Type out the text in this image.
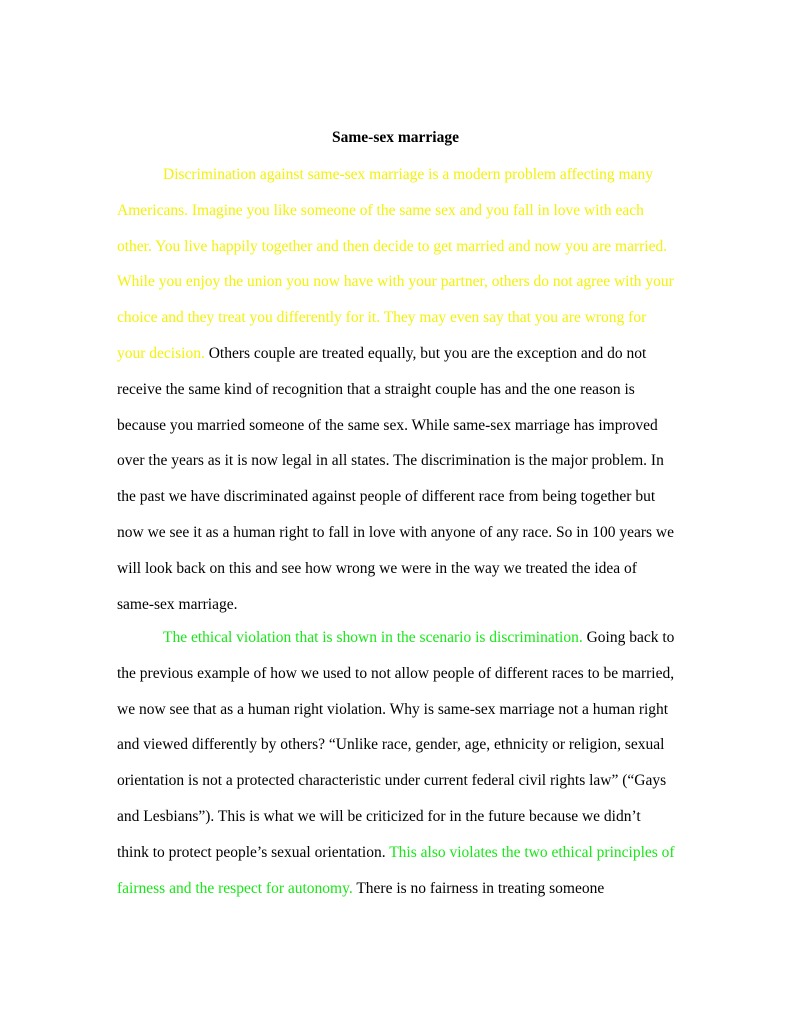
Same-sex marriage

Discrimination against same-sex marriage is a modern problem affecting many Americans. Imagine you like someone of the same sex and you fall in love with each other. You live happily together and then decide to get married and now you are married. While you enjoy the union you now have with your partner, others do not agree with your choice and they treat you differently for it. They may even say that you are wrong for your decision. Others couple are treated equally, but you are the exception and do not receive the same kind of recognition that a straight couple has and the one reason is because you married someone of the same sex. While same-sex marriage has improved over the years as it is now legal in all states. The discrimination is the major problem. In the past we have discriminated against people of different race from being together but now we see it as a human right to fall in love with anyone of any race. So in 100 years we will look back on this and see how wrong we were in the way we treated the idea of same-sex marriage.

The ethical violation that is shown in the scenario is discrimination. Going back to the previous example of how we used to not allow people of different races to be married, we now see that as a human right violation. Why is same-sex marriage not a human right and viewed differently by others? “Unlike race, gender, age, ethnicity or religion, sexual orientation is not a protected characteristic under current federal civil rights law” (“Gays and Lesbians”). This is what we will be criticized for in the future because we didn’t think to protect people’s sexual orientation. This also violates the two ethical principles of fairness and the respect for autonomy. There is no fairness in treating someone
